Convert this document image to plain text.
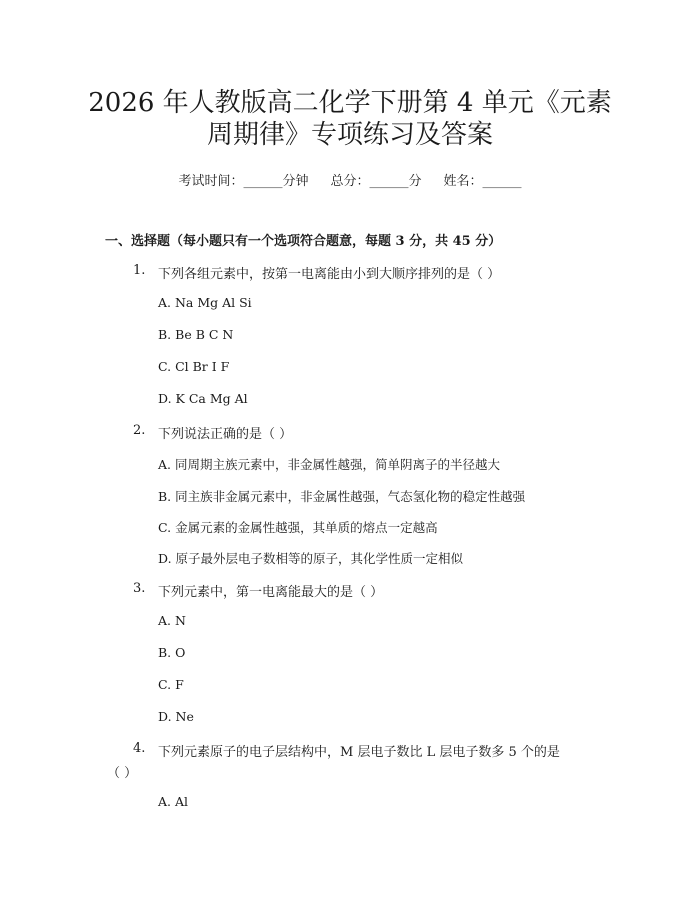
2026 年人教版高二化学下册第 4 单元《元素
周期律》专项练习及答案
考试时间：______分钟 总分：______分 姓名：______
一、选择题（每小题只有一个选项符合题意，每题 3 分，共 45 分）
1. 下列各组元素中，按第一电离能由小到大顺序排列的是（ ）
A. Na Mg Al Si
B. Be B C N
C. Cl Br I F
D. K Ca Mg Al
2. 下列说法正确的是（ ）
A. 同周期主族元素中，非金属性越强，简单阴离子的半径越大
B. 同主族非金属元素中，非金属性越强，气态氢化物的稳定性越强
C. 金属元素的金属性越强，其单质的熔点一定越高
D. 原子最外层电子数相等的原子，其化学性质一定相似
3. 下列元素中，第一电离能最大的是（ ）
A. N
B. O
C. F
D. Ne
4. 下列元素原子的电子层结构中，M 层电子数比 L 层电子数多 5 个的是
（ ）
A. Al
